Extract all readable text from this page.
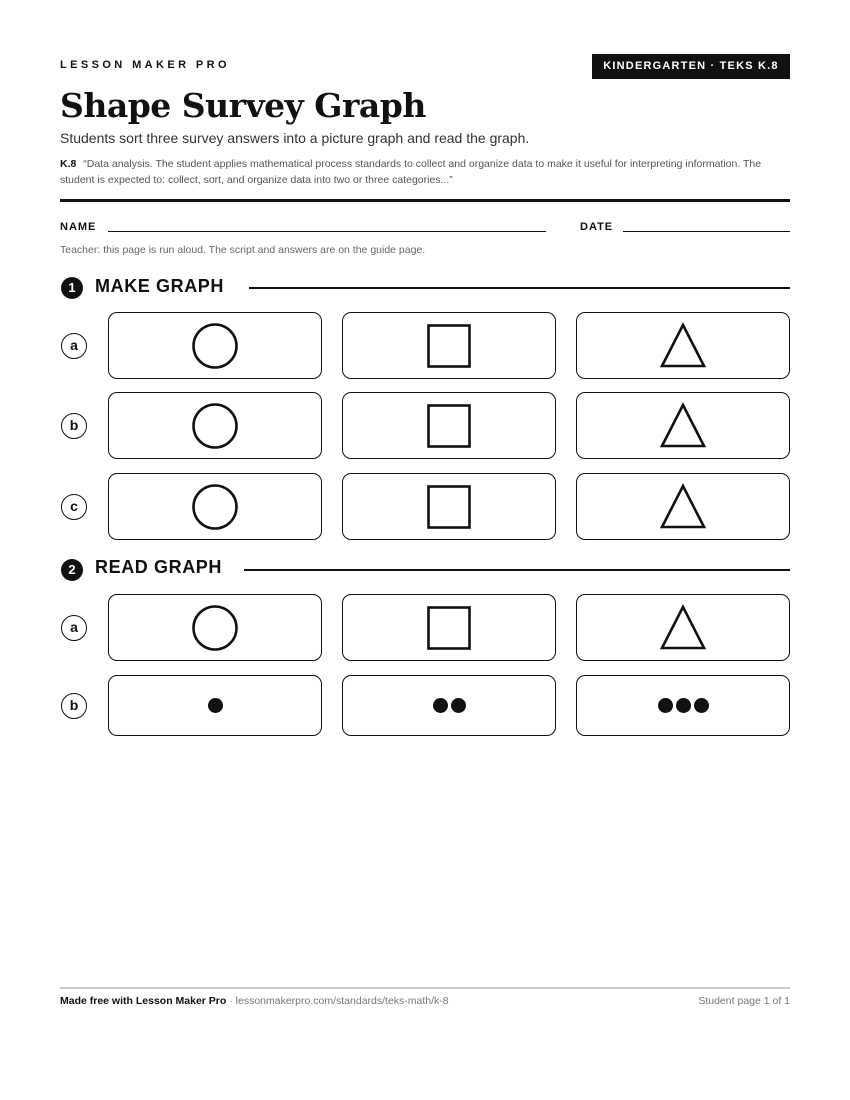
LESSON MAKER PRO	KINDERGARTEN · TEKS K.8
Shape Survey Graph

Students sort three survey answers into a picture graph and read the graph.

K.8 “Data analysis. The student applies mathematical process standards to collect and organize data to make it useful for interpreting information. The student is expected to: collect, sort, and organize data into two or three categories...”

NAME	DATE

Teacher: this page is run aloud. The script and answers are on the guide page.

1	MAKE GRAPH
a
b
c
2	READ GRAPH
a
b
Made free with Lesson Maker Pro · lessonmakerpro.com/standards/teks-math/k-8	Student page 1 of 1
